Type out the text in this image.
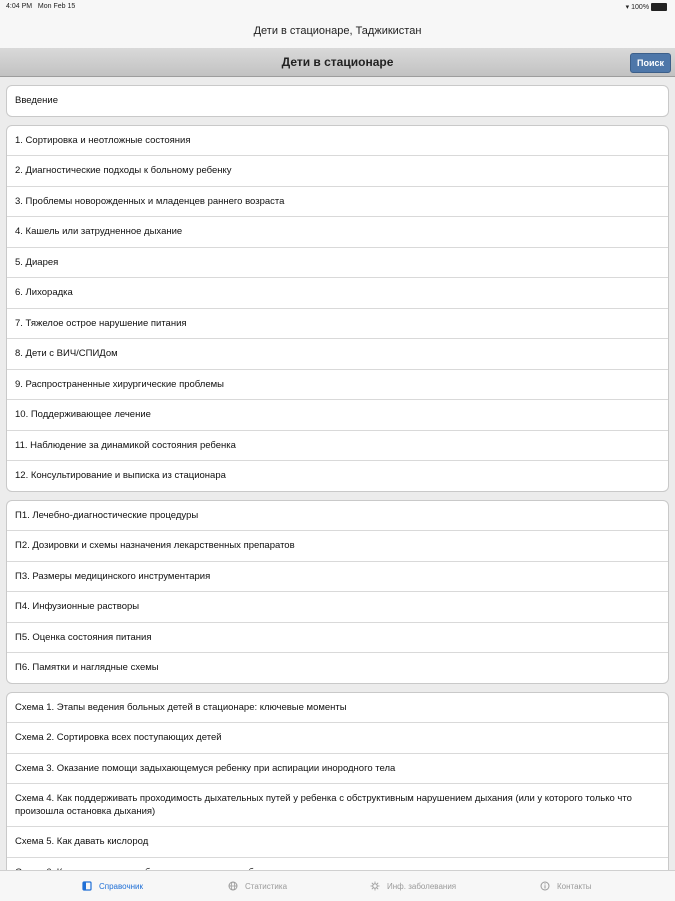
4:04 PM Mon Feb 15	▾ 100%
Дети в стационаре, Таджикистан
Дети в стационаре	Поиск
Введение
1. Сортировка и неотложные состояния
2. Диагностические подходы к больному ребенку
3. Проблемы новорожденных и младенцев раннего возраста
4. Кашель или затрудненное дыхание
5. Диарея
6. Лихорадка
7. Тяжелое острое нарушение питания
8. Дети с ВИЧ/СПИДом
9. Распространенные хирургические проблемы
10. Поддерживающее лечение
11. Наблюдение за динамикой состояния ребенка
12. Консультирование и выписка из стационара
П1. Лечебно-диагностические процедуры
П2. Дозировки и схемы назначения лекарственных препаратов
П3. Размеры медицинского инструментария
П4. Инфузионные растворы
П5. Оценка состояния питания
П6. Памятки и наглядные схемы
Схема 1. Этапы ведения больных детей в стационаре: ключевые моменты
Схема 2. Сортировка всех поступающих детей
Схема 3. Оказание помощи задыхающемуся ребенку при аспирации инородного тела
Схема 4. Как поддерживать проходимость дыхательных путей у ребенка с обструктивным нарушением дыхания (или у которого только что произошла остановка дыхания)
Схема 5. Как давать кислород
Справочник	Статистика	Инф. заболевания	Контакты
